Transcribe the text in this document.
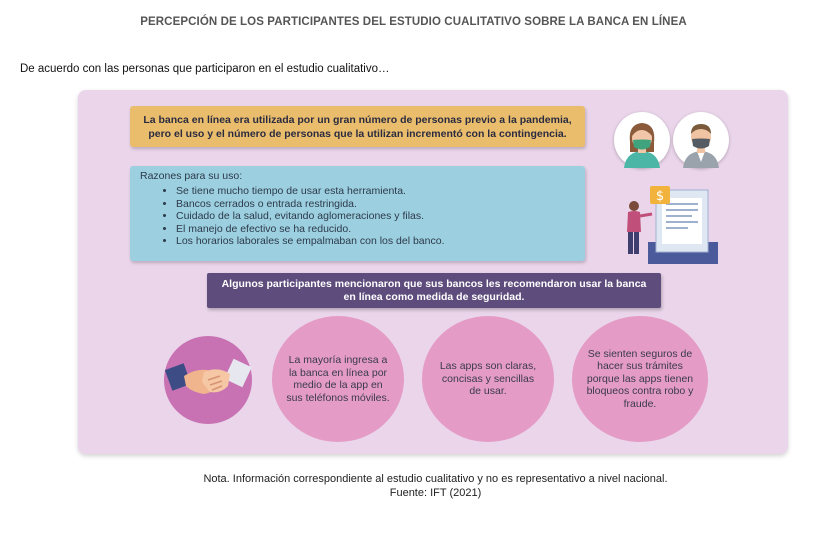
PERCEPCIÓN DE LOS PARTICIPANTES DEL ESTUDIO CUALITATIVO SOBRE LA BANCA EN LÍNEA
De acuerdo con las personas que participaron en el estudio cualitativo…
La banca en línea era utilizada por un gran número de personas previo a la pandemia, pero el uso y el número de personas que la utilizan incrementó con la contingencia.
Razones para su uso:
• Se tiene mucho tiempo de usar esta herramienta.
• Bancos cerrados o entrada restringida.
• Cuidado de la salud, evitando aglomeraciones y filas.
• El manejo de efectivo se ha reducido.
• Los horarios laborales se empalmaban con los del banco.
$
Algunos participantes mencionaron que sus bancos les recomendaron usar la banca en línea como medida de seguridad.
La mayoría ingresa a la banca en línea por medio de la app en sus teléfonos móviles.
Las apps son claras, concisas y sencillas de usar.
Se sienten seguros de hacer sus trámites porque las apps tienen bloqueos contra robo y fraude.
Nota. Información correspondiente al estudio cualitativo y no es representativo a nivel nacional.
Fuente: IFT (2021)
